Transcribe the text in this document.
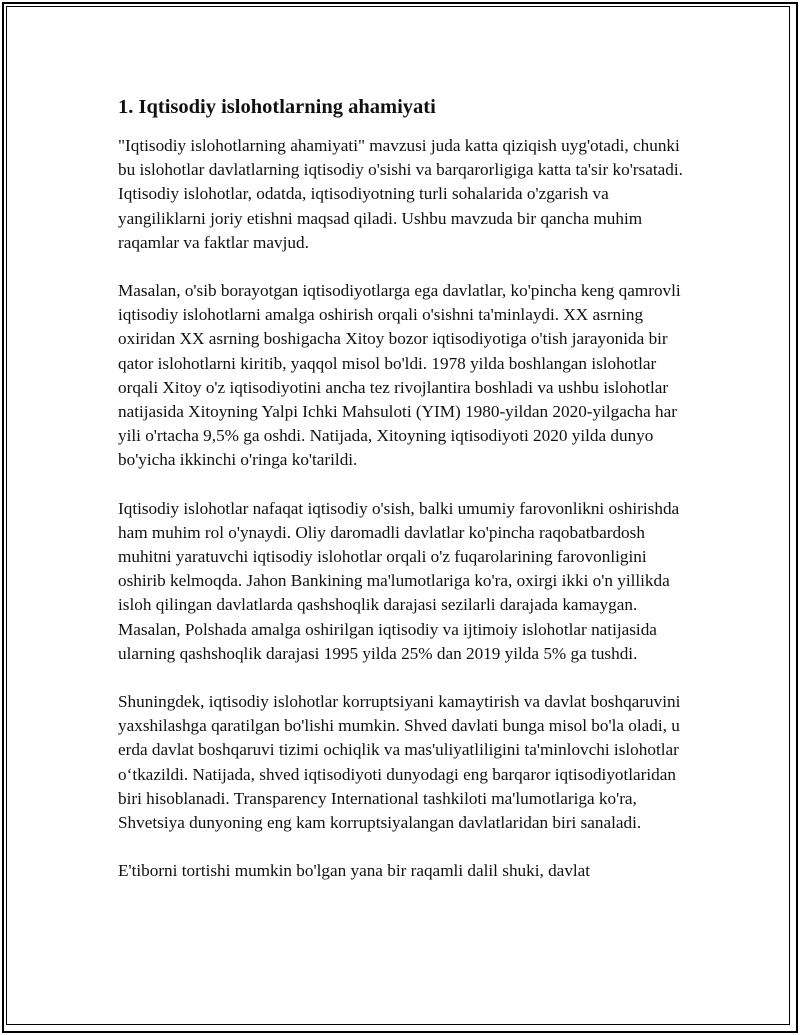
1. Iqtisodiy islohotlarning ahamiyati

"Iqtisodiy islohotlarning ahamiyati" mavzusi juda katta qiziqish uyg'otadi, chunki bu islohotlar davlatlarning iqtisodiy o'sishi va barqarorligiga katta ta'sir ko'rsatadi. Iqtisodiy islohotlar, odatda, iqtisodiyotning turli sohalarida o'zgarish va yangiliklarni joriy etishni maqsad qiladi. Ushbu mavzuda bir qancha muhim raqamlar va faktlar mavjud.

Masalan, o'sib borayotgan iqtisodiyotlarga ega davlatlar, ko'pincha keng qamrovli iqtisodiy islohotlarni amalga oshirish orqali o'sishni ta'minlaydi. XX asrning oxiridan XX asrning boshigacha Xitoy bozor iqtisodiyotiga o'tish jarayonida bir qator islohotlarni kiritib, yaqqol misol bo'ldi. 1978 yilda boshlangan islohotlar orqali Xitoy o'z iqtisodiyotini ancha tez rivojlantira boshladi va ushbu islohotlar natijasida Xitoyning Yalpi Ichki Mahsuloti (YIM) 1980-yildan 2020-yilgacha har yili o'rtacha 9,5% ga oshdi. Natijada, Xitoyning iqtisodiyoti 2020 yilda dunyo bo'yicha ikkinchi o'ringa ko'tarildi.

Iqtisodiy islohotlar nafaqat iqtisodiy o'sish, balki umumiy farovonlikni oshirishda ham muhim rol o'ynaydi. Oliy daromadli davlatlar ko'pincha raqobatbardosh muhitni yaratuvchi iqtisodiy islohotlar orqali o'z fuqarolarining farovonligini oshirib kelmoqda. Jahon Bankining ma'lumotlariga ko'ra, oxirgi ikki o'n yillikda isloh qilingan davlatlarda qashshoqlik darajasi sezilarli darajada kamaygan. Masalan, Polshada amalga oshirilgan iqtisodiy va ijtimoiy islohotlar natijasida ularning qashshoqlik darajasi 1995 yilda 25% dan 2019 yilda 5% ga tushdi.

Shuningdek, iqtisodiy islohotlar korruptsiyani kamaytirish va davlat boshqaruvini yaxshilashga qaratilgan bo'lishi mumkin. Shved davlati bunga misol bo'la oladi, u erda davlat boshqaruvi tizimi ochiqlik va mas'uliyatliligini ta'minlovchi islohotlar o‘tkazildi. Natijada, shved iqtisodiyoti dunyodagi eng barqaror iqtisodiyotlaridan biri hisoblanadi. Transparency International tashkiloti ma'lumotlariga ko'ra, Shvetsiya dunyoning eng kam korruptsiyalangan davlatlaridan biri sanaladi.

E'tiborni tortishi mumkin bo'lgan yana bir raqamli dalil shuki, davlat
